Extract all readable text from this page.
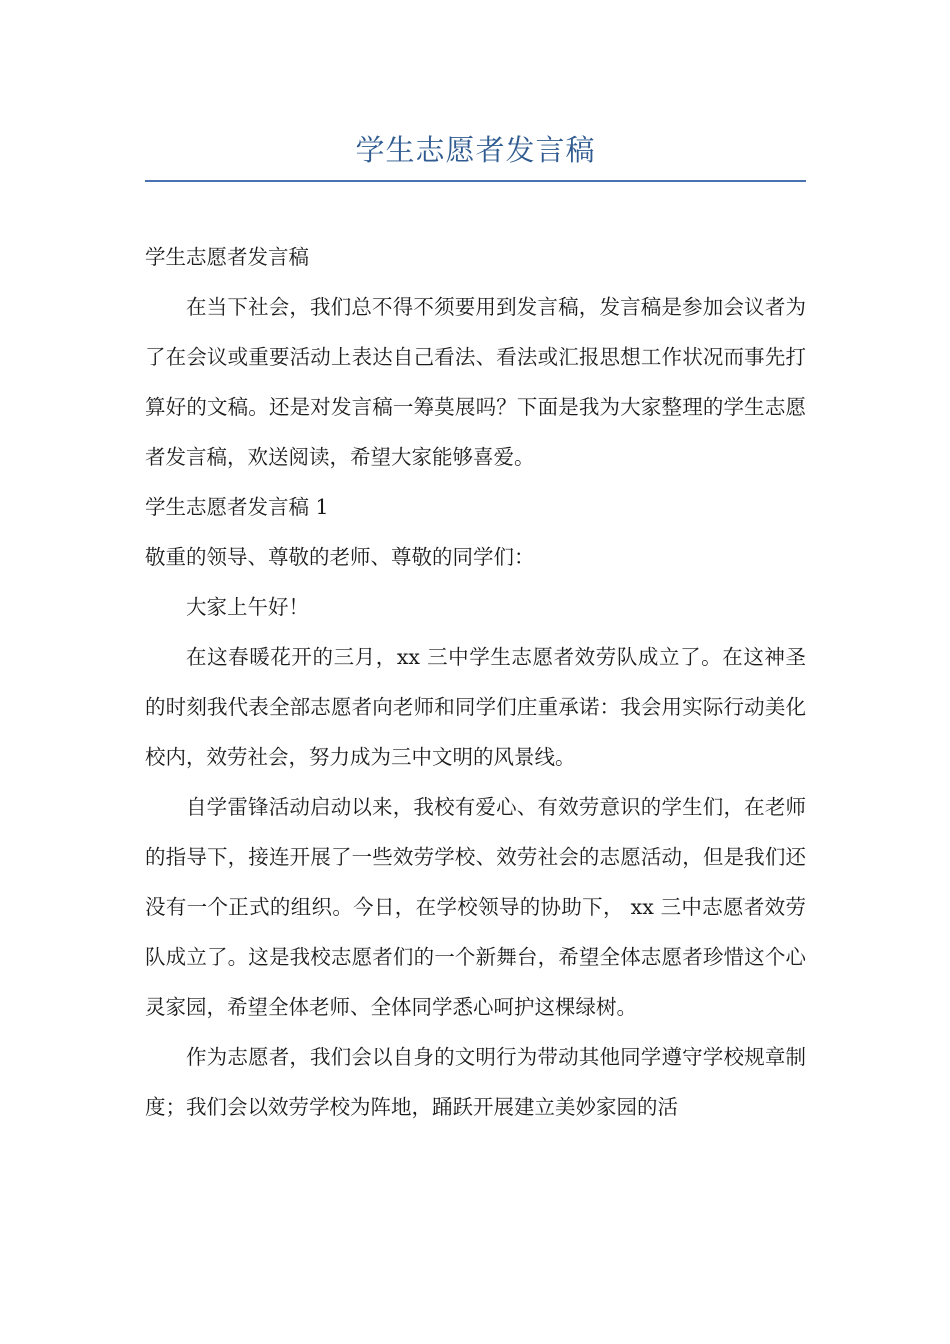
学生志愿者发言稿

学生志愿者发言稿

在当下社会，我们总不得不须要用到发言稿，发言稿是参加会议者为了在会议或重要活动上表达自己看法、看法或汇报思想工作状况而事先打算好的文稿。还是对发言稿一筹莫展吗？下面是我为大家整理的学生志愿者发言稿，欢送阅读，希望大家能够喜爱。

学生志愿者发言稿 1

敬重的领导、尊敬的老师、尊敬的同学们：

大家上午好！

在这春暖花开的三月，xx 三中学生志愿者效劳队成立了。在这神圣的时刻我代表全部志愿者向老师和同学们庄重承诺：我会用实际行动美化校内，效劳社会，努力成为三中文明的风景线。

自学雷锋活动启动以来，我校有爱心、有效劳意识的学生们，在老师的指导下，接连开展了一些效劳学校、效劳社会的志愿活动，但是我们还没有一个正式的组织。今日，在学校领导的协助下， xx 三中志愿者效劳队成立了。这是我校志愿者们的一个新舞台，希望全体志愿者珍惜这个心灵家园，希望全体老师、全体同学悉心呵护这棵绿树。

作为志愿者，我们会以自身的文明行为带动其他同学遵守学校规章制度；我们会以效劳学校为阵地，踊跃开展建立美妙家园的活
